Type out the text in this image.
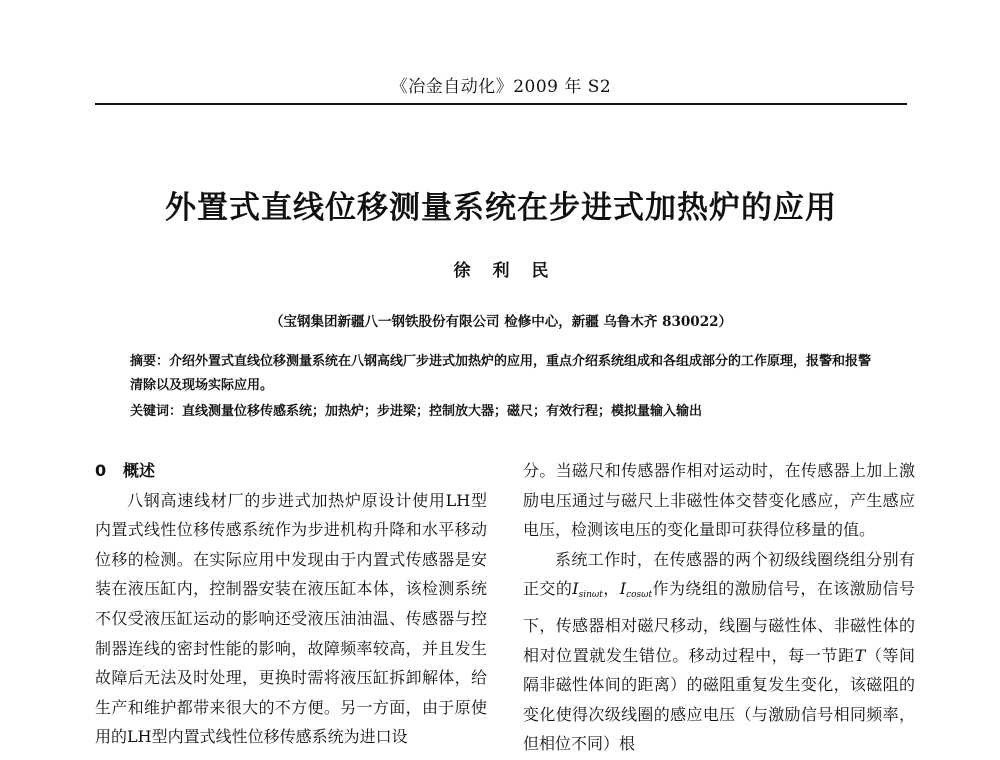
《冶金自动化》2009 年 S2
外置式直线位移测量系统在步进式加热炉的应用
徐利民
（宝钢集团新疆八一钢铁股份有限公司 检修中心，新疆 乌鲁木齐 830022）
摘要：介绍外置式直线位移测量系统在八钢高线厂步进式加热炉的应用，重点介绍系统组成和各组成部分的工作原理，报警和报警清除以及现场实际应用。
关键词：直线测量位移传感系统；加热炉；步进梁；控制放大器；磁尺；有效行程；模拟量输入输出
0 概述

八钢高速线材厂的步进式加热炉原设计使用LH型内置式线性位移传感系统作为步进机构升降和水平移动位移的检测。在实际应用中发现由于内置式传感器是安装在液压缸内，控制器安装在液压缸本体，该检测系统不仅受液压缸运动的影响还受液压油油温、传感器与控制器连线的密封性能的影响，故障频率较高，并且发生故障后无法及时处理，更换时需将液压缸拆卸解体，给生产和维护都带来很大的不方便。另一方面，由于原使用的LH型内置式线性位移传感系统为进口设

分。当磁尺和传感器作相对运动时，在传感器上加上激励电压通过与磁尺上非磁性体交替变化感应，产生感应电压，检测该电压的变化量即可获得位移量的值。

系统工作时，在传感器的两个初级线圈绕组分别有正交的$I_{sin\omega t}$，$I_{cos\omega t}$作为绕组的激励信号，在该激励信号下，传感器相对磁尺移动，线圈与磁性体、非磁性体的相对位置就发生错位。移动过程中，每一节距T（等间隔非磁性体间的距离）的磁阻重复发生变化，该磁阻的变化使得次级线圈的感应电压（与激励信号相同频率，但相位不同）根
